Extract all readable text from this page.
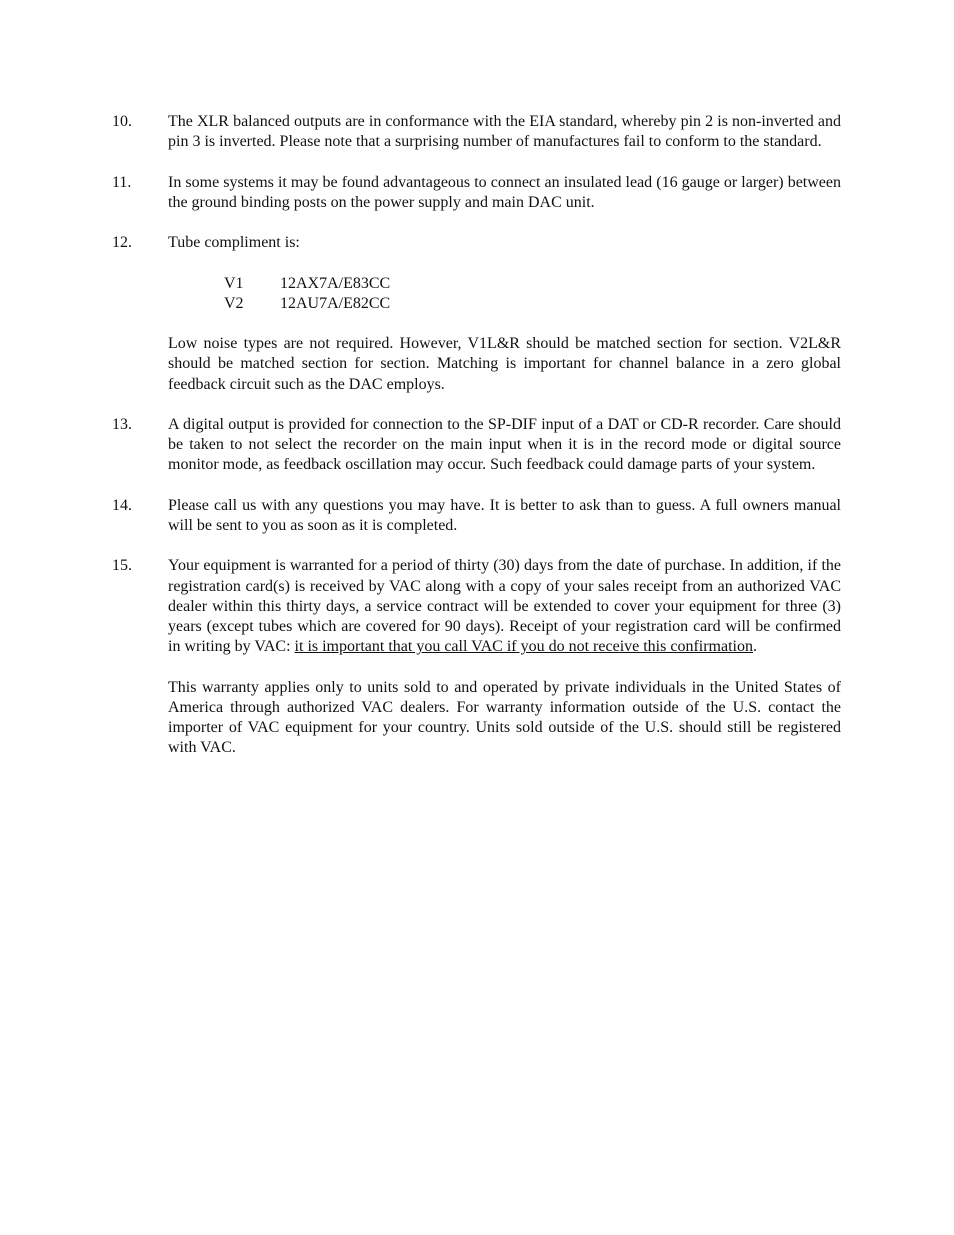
10.	The XLR balanced outputs are in conformance with the EIA standard, whereby pin 2 is non-inverted and pin 3 is inverted. Please note that a surprising number of manufactures fail to conform to the standard.

11.	In some systems it may be found advantageous to connect an insulated lead (16 gauge or larger) between the ground binding posts on the power supply and main DAC unit.

12.	Tube compliment is:

V1	12AX7A/E83CC
V2	12AU7A/E82CC

Low noise types are not required. However, V1L&R should be matched section for section. V2L&R should be matched section for section. Matching is important for channel balance in a zero global feedback circuit such as the DAC employs.

13.	A digital output is provided for connection to the SP-DIF input of a DAT or CD-R recorder. Care should be taken to not select the recorder on the main input when it is in the record mode or digital source monitor mode, as feedback oscillation may occur. Such feedback could damage parts of your system.

14.	Please call us with any questions you may have. It is better to ask than to guess. A full owners manual will be sent to you as soon as it is completed.

15.	Your equipment is warranted for a period of thirty (30) days from the date of purchase. In addition, if the registration card(s) is received by VAC along with a copy of your sales receipt from an authorized VAC dealer within this thirty days, a service contract will be extended to cover your equipment for three (3) years (except tubes which are covered for 90 days). Receipt of your registration card will be confirmed in writing by VAC: it is important that you call VAC if you do not receive this confirmation.

This warranty applies only to units sold to and operated by private individuals in the United States of America through authorized VAC dealers. For warranty information outside of the U.S. contact the importer of VAC equipment for your country. Units sold outside of the U.S. should still be registered with VAC.
